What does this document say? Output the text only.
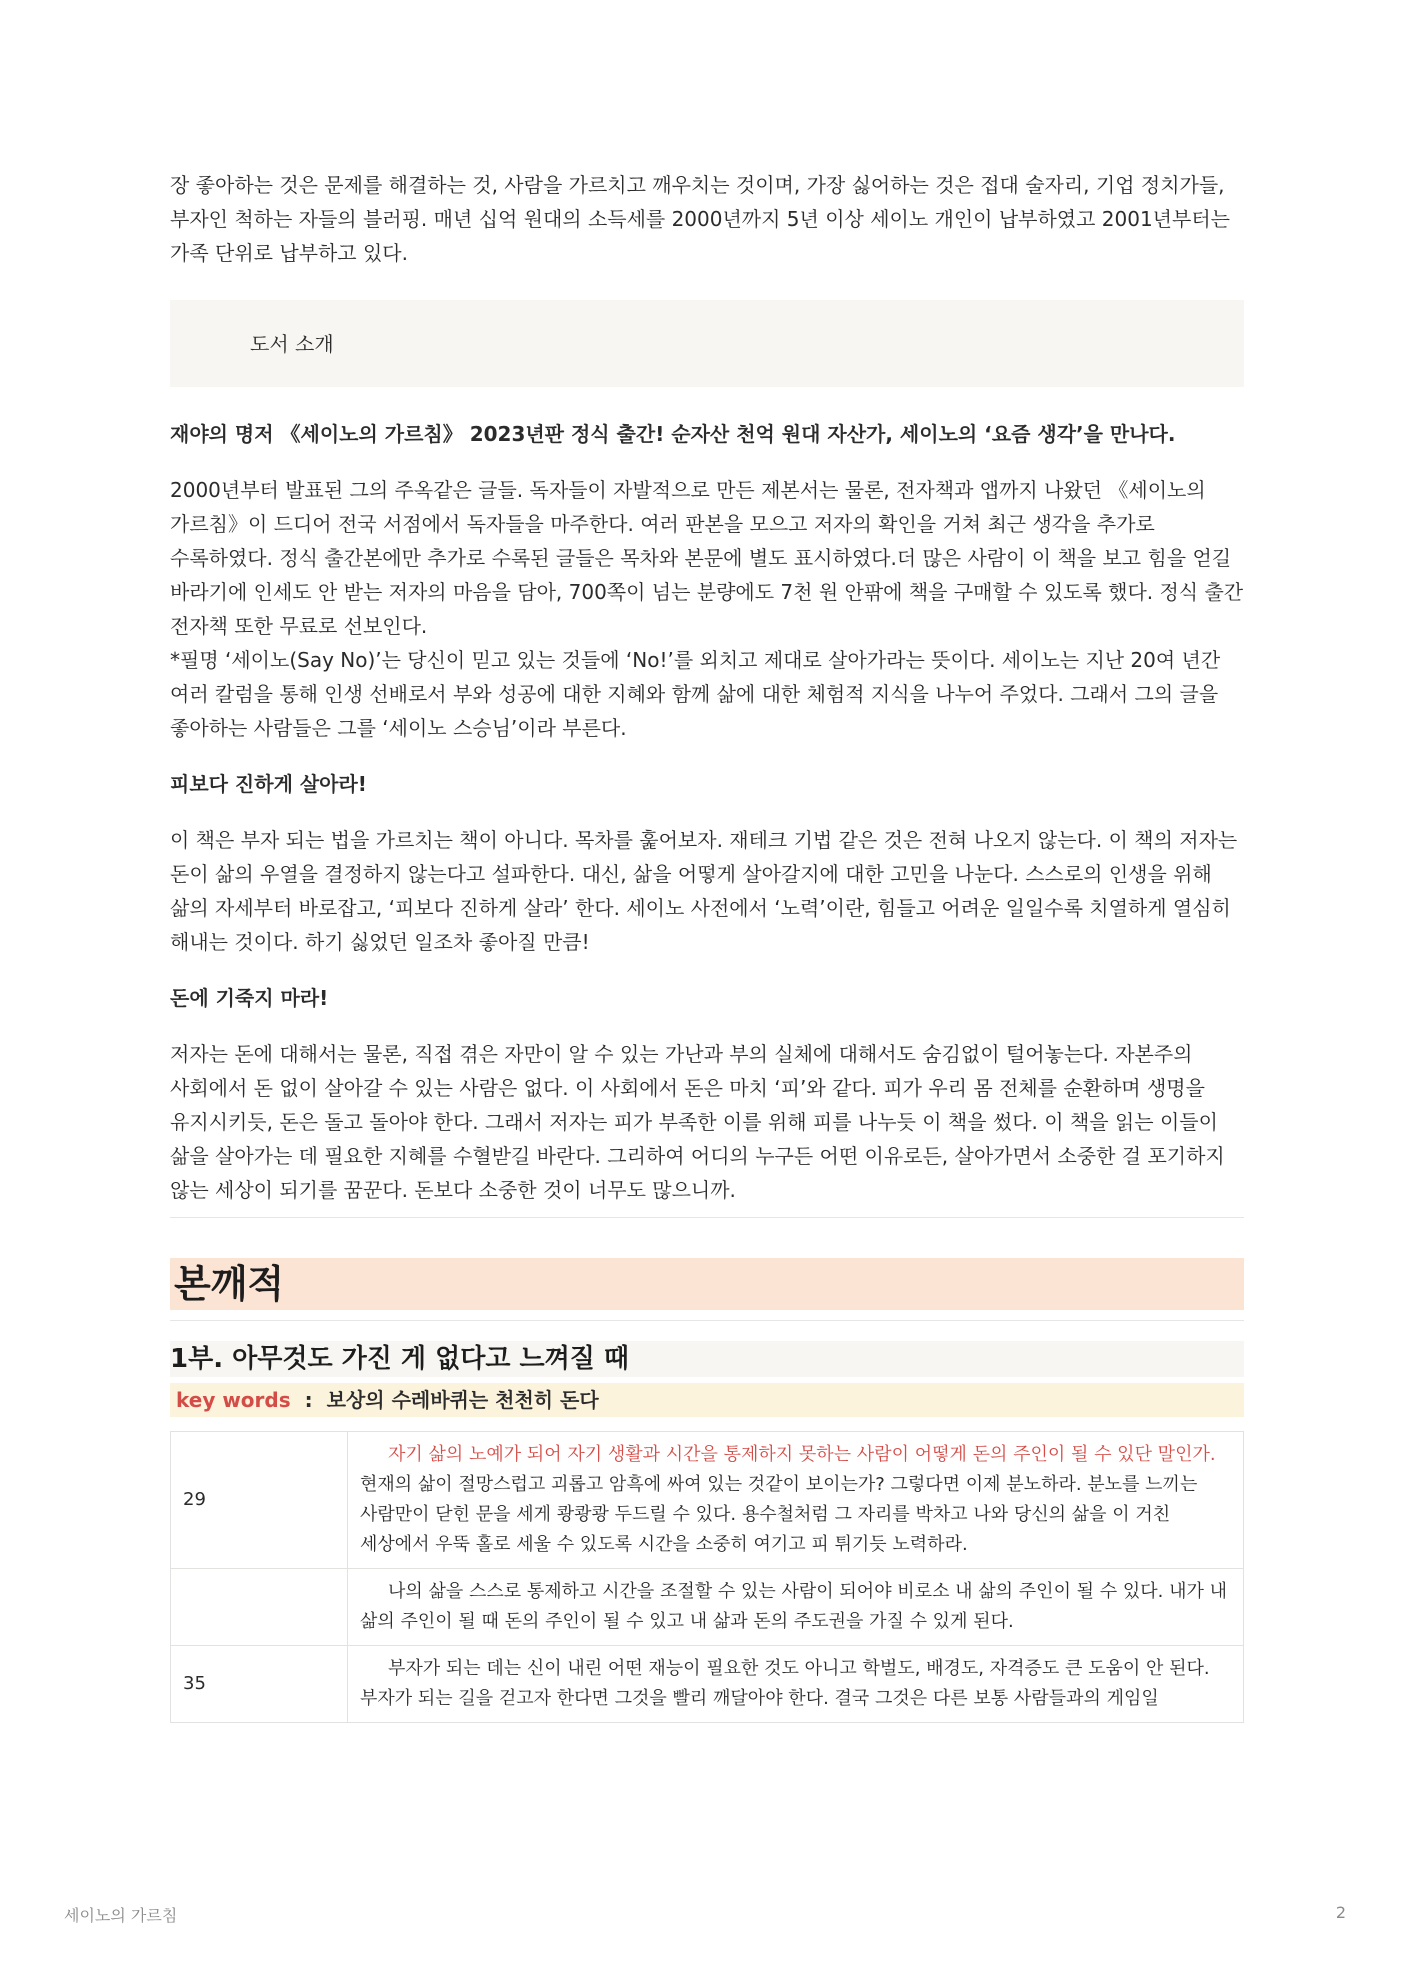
장 좋아하는 것은 문제를 해결하는 것, 사람을 가르치고 깨우치는 것이며, 가장 싫어하는 것은 접대 술자리, 기업 정치가들, 부자인 척하는 자들의 블러핑. 매년 십억 원대의 소득세를 2000년까지 5년 이상 세이노 개인이 납부하였고 2001년부터는 가족 단위로 납부하고 있다.

도서 소개
재야의 명저 《세이노의 가르침》 2023년판 정식 출간! 순자산 천억 원대 자산가, 세이노의 ‘요즘 생각’을 만나다.

2000년부터 발표된 그의 주옥같은 글들. 독자들이 자발적으로 만든 제본서는 물론, 전자책과 앱까지 나왔던 《세이노의 가르침》이 드디어 전국 서점에서 독자들을 마주한다. 여러 판본을 모으고 저자의 확인을 거쳐 최근 생각을 추가로 수록하였다. 정식 출간본에만 추가로 수록된 글들은 목차와 본문에 별도 표시하였다.더 많은 사람이 이 책을 보고 힘을 얻길 바라기에 인세도 안 받는 저자의 마음을 담아, 700쪽이 넘는 분량에도 7천 원 안팎에 책을 구매할 수 있도록 했다. 정식 출간 전자책 또한 무료로 선보인다.

*필명 ‘세이노(Say No)’는 당신이 믿고 있는 것들에 ‘No!’를 외치고 제대로 살아가라는 뜻이다. 세이노는 지난 20여 년간 여러 칼럼을 통해 인생 선배로서 부와 성공에 대한 지혜와 함께 삶에 대한 체험적 지식을 나누어 주었다. 그래서 그의 글을 좋아하는 사람들은 그를 ‘세이노 스승님’이라 부른다.

피보다 진하게 살아라!

이 책은 부자 되는 법을 가르치는 책이 아니다. 목차를 훑어보자. 재테크 기법 같은 것은 전혀 나오지 않는다. 이 책의 저자는 돈이 삶의 우열을 결정하지 않는다고 설파한다. 대신, 삶을 어떻게 살아갈지에 대한 고민을 나눈다. 스스로의 인생을 위해 삶의 자세부터 바로잡고, ‘피보다 진하게 살라’ 한다. 세이노 사전에서 ‘노력’이란, 힘들고 어려운 일일수록 치열하게 열심히 해내는 것이다. 하기 싫었던 일조차 좋아질 만큼!

돈에 기죽지 마라!

저자는 돈에 대해서는 물론, 직접 겪은 자만이 알 수 있는 가난과 부의 실체에 대해서도 숨김없이 털어놓는다. 자본주의 사회에서 돈 없이 살아갈 수 있는 사람은 없다. 이 사회에서 돈은 마치 ‘피’와 같다. 피가 우리 몸 전체를 순환하며 생명을 유지시키듯, 돈은 돌고 돌아야 한다. 그래서 저자는 피가 부족한 이를 위해 피를 나누듯 이 책을 썼다. 이 책을 읽는 이들이 삶을 살아가는 데 필요한 지혜를 수혈받길 바란다. 그리하여 어디의 누구든 어떤 이유로든, 살아가면서 소중한 걸 포기하지 않는 세상이 되기를 꿈꾼다. 돈보다 소중한 것이 너무도 많으니까.

본깨적
1부. 아무것도 가진 게 없다고 느껴질 때
key words : 보상의 수레바퀴는 천천히 돈다
29	자기 삶의 노예가 되어 자기 생활과 시간을 통제하지 못하는 사람이 어떻게 돈의 주인이 될 수 있단 말인가.
현재의 삶이 절망스럽고 괴롭고 암흑에 싸여 있는 것같이 보이는가? 그렇다면 이제 분노하라. 분노를 느끼는 사람만이 닫힌 문을 세게 쾅쾅쾅 두드릴 수 있다. 용수철처럼 그 자리를 박차고 나와 당신의 삶을 이 거친 세상에서 우뚝 홀로 세울 수 있도록 시간을 소중히 여기고 피 튀기듯 노력하라.

	나의 삶을 스스로 통제하고 시간을 조절할 수 있는 사람이 되어야 비로소 내 삶의 주인이 될 수 있다. 내가 내 삶의 주인이 될 때 돈의 주인이 될 수 있고 내 삶과 돈의 주도권을 가질 수 있게 된다.

35	부자가 되는 데는 신이 내린 어떤 재능이 필요한 것도 아니고 학벌도, 배경도, 자격증도 큰 도움이 안 된다. 부자가 되는 길을 걷고자 한다면 그것을 빨리 깨달아야 한다. 결국 그것은 다른 보통 사람들과의 게임일
세이노의 가르침	2
